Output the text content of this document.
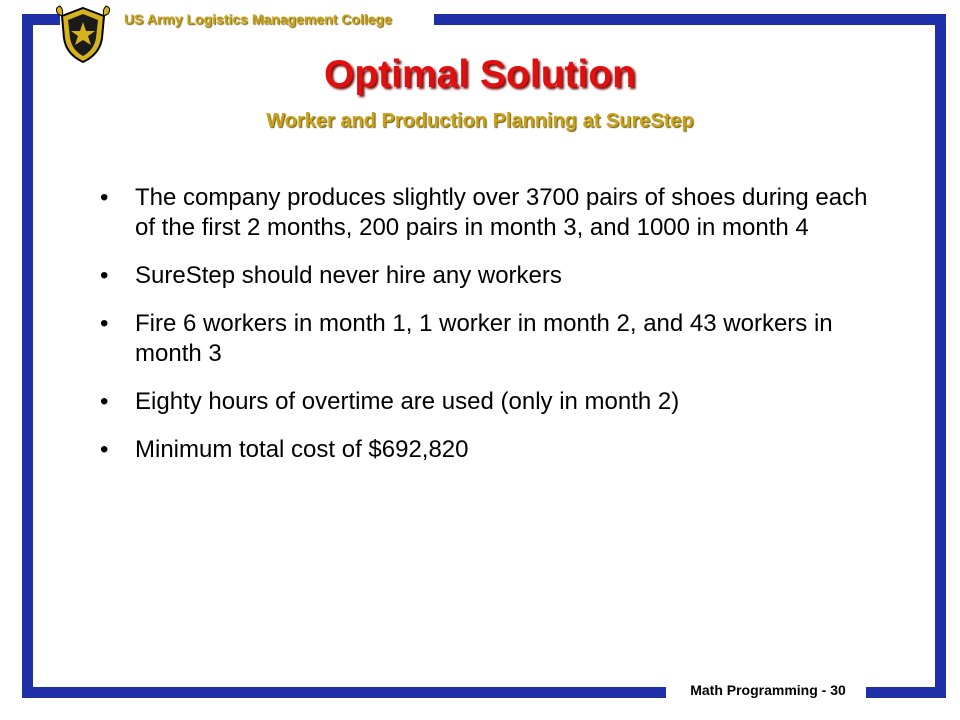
US Army Logistics Management College
Optimal Solution
Worker and Production Planning at SureStep
• The company produces slightly over 3700 pairs of shoes during each of the first 2 months, 200 pairs in month 3, and 1000 in month 4
• SureStep should never hire any workers
• Fire 6 workers in month 1, 1 worker in month 2, and 43 workers in month 3
• Eighty hours of overtime are used (only in month 2)
• Minimum total cost of $692,820
Math Programming - 30
